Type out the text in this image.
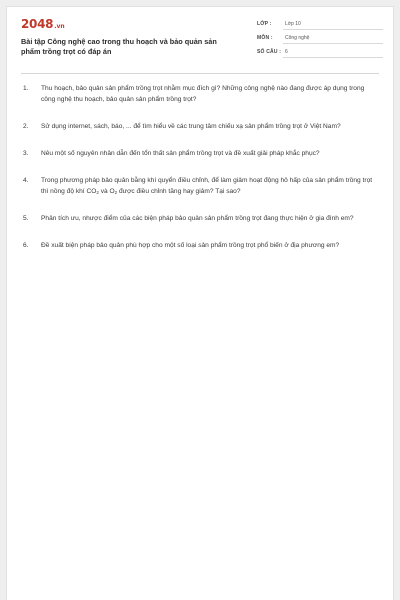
2048 .vn
Bài tập Công nghệ cao trong thu hoạch và bảo quản sản phẩm trồng trọt có đáp án
LỚP :	Lớp 10
MÔN : Công nghệ
SỐ CÂU : 6
1. Thu hoạch, bảo quản sản phẩm trồng trọt nhằm mục đích gì? Những công nghệ nào đang được áp dụng trong công nghệ thu hoạch, bảo quản sản phẩm trồng trọt?
2. Sử dụng internet, sách, báo, ... để tìm hiểu về các trung tâm chiếu xạ sản phẩm trồng trọt ở Việt Nam?
3. Nêu một số nguyên nhân dẫn đến tổn thất sản phẩm trồng trọt và đề xuất giải pháp khắc phục?
4. Trong phương pháp bảo quản bằng khí quyển điều chỉnh, để làm giảm hoạt động hô hấp của sản phẩm trồng trọt thì nồng độ khí $CO_2$ và $O_2$ được điều chỉnh tăng hay giảm? Tại sao?
5. Phân tích ưu, nhược điểm của các biện pháp bảo quản sản phẩm trồng trọt đang thực hiện ở gia đình em?
6. Đề xuất biện pháp bảo quản phù hợp cho một số loại sản phẩm trồng trọt phổ biến ở địa phương em?
